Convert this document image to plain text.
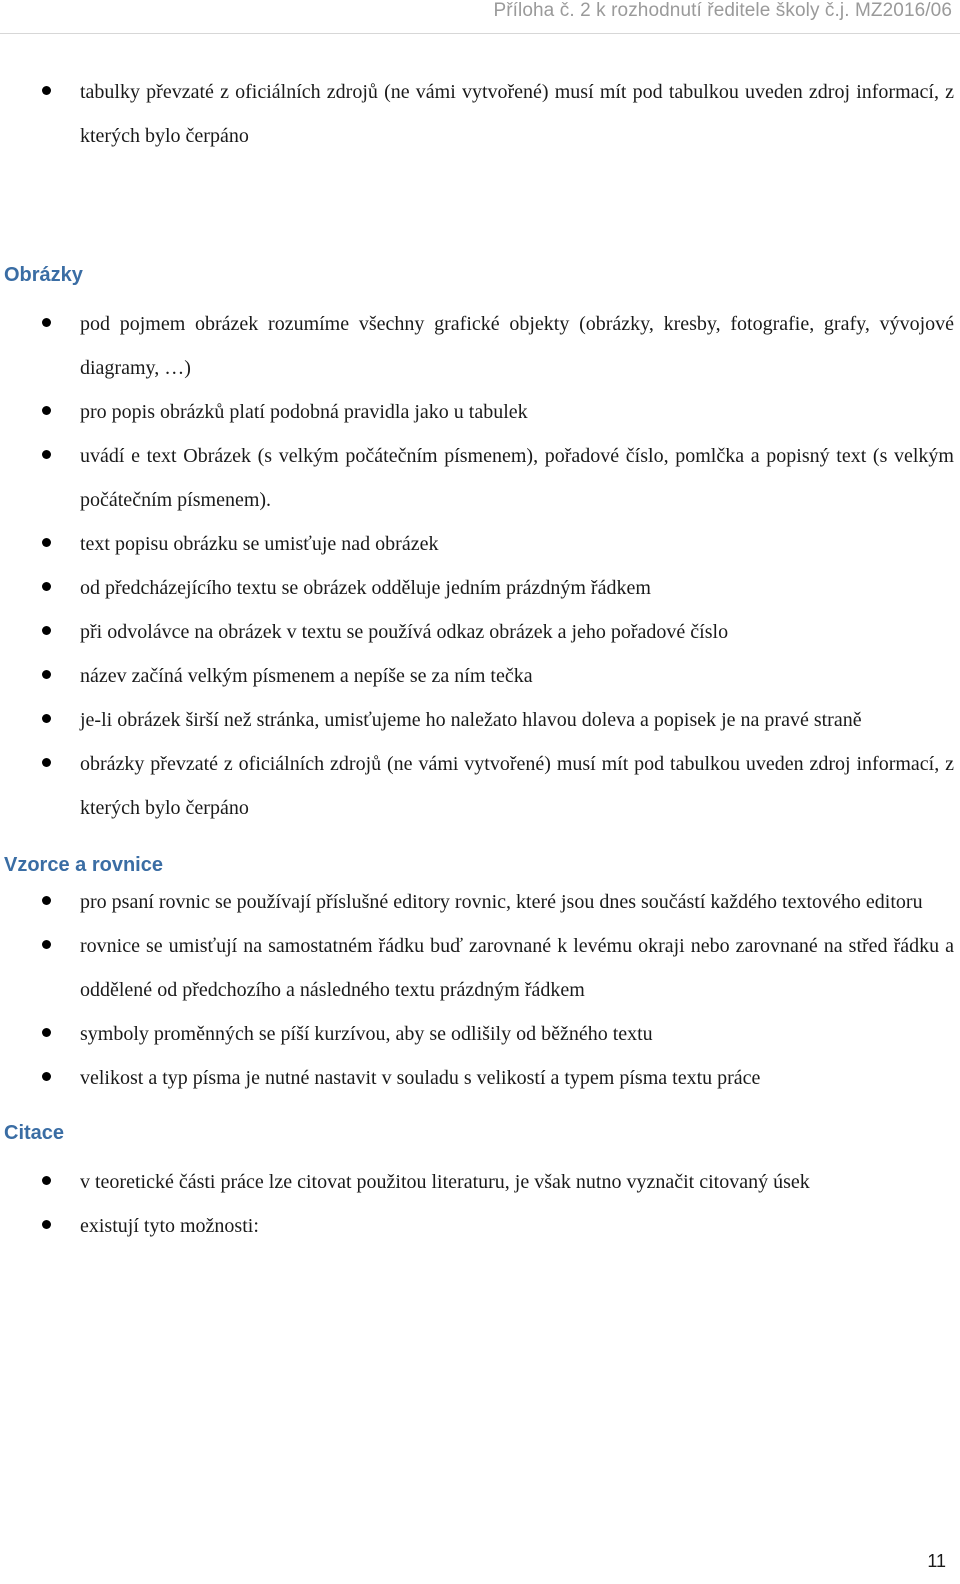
Příloha č. 2 k rozhodnutí ředitele školy č.j. MZ2016/06
tabulky převzaté z oficiálních zdrojů (ne vámi vytvořené) musí mít pod tabulkou uveden zdroj informací, z kterých bylo čerpáno
Obrázky
pod pojmem obrázek rozumíme všechny grafické objekty (obrázky, kresby, fotografie, grafy, vývojové diagramy, …)
pro popis obrázků platí podobná pravidla jako u tabulek
uvádí e text Obrázek (s velkým počátečním písmenem), pořadové číslo, pomlčka a popisný text (s velkým počátečním písmenem).
text popisu obrázku se umisťuje nad obrázek
od předcházejícího textu se obrázek odděluje jedním prázdným řádkem
při odvolávce na obrázek v textu se používá odkaz obrázek a jeho pořadové číslo
název začíná velkým písmenem a nepíše se za ním tečka
je-li obrázek širší než stránka, umisťujeme ho naležato hlavou doleva a popisek je na pravé straně
obrázky převzaté z oficiálních zdrojů (ne vámi vytvořené) musí mít pod tabulkou uveden zdroj informací, z kterých bylo čerpáno
Vzorce a rovnice
pro psaní rovnic se používají příslušné editory rovnic, které jsou dnes součástí každého textového editoru
rovnice se umisťují na samostatném řádku buď zarovnané k levému okraji nebo zarovnané na střed řádku a oddělené od předchozího a následného textu prázdným řádkem
symboly proměnných se píší kurzívou, aby se odlišily od běžného textu
velikost a typ písma je nutné nastavit v souladu s velikostí a typem písma textu práce
Citace
v teoretické části práce lze citovat použitou literaturu, je však nutno vyznačit citovaný úsek
existují tyto možnosti:
11
